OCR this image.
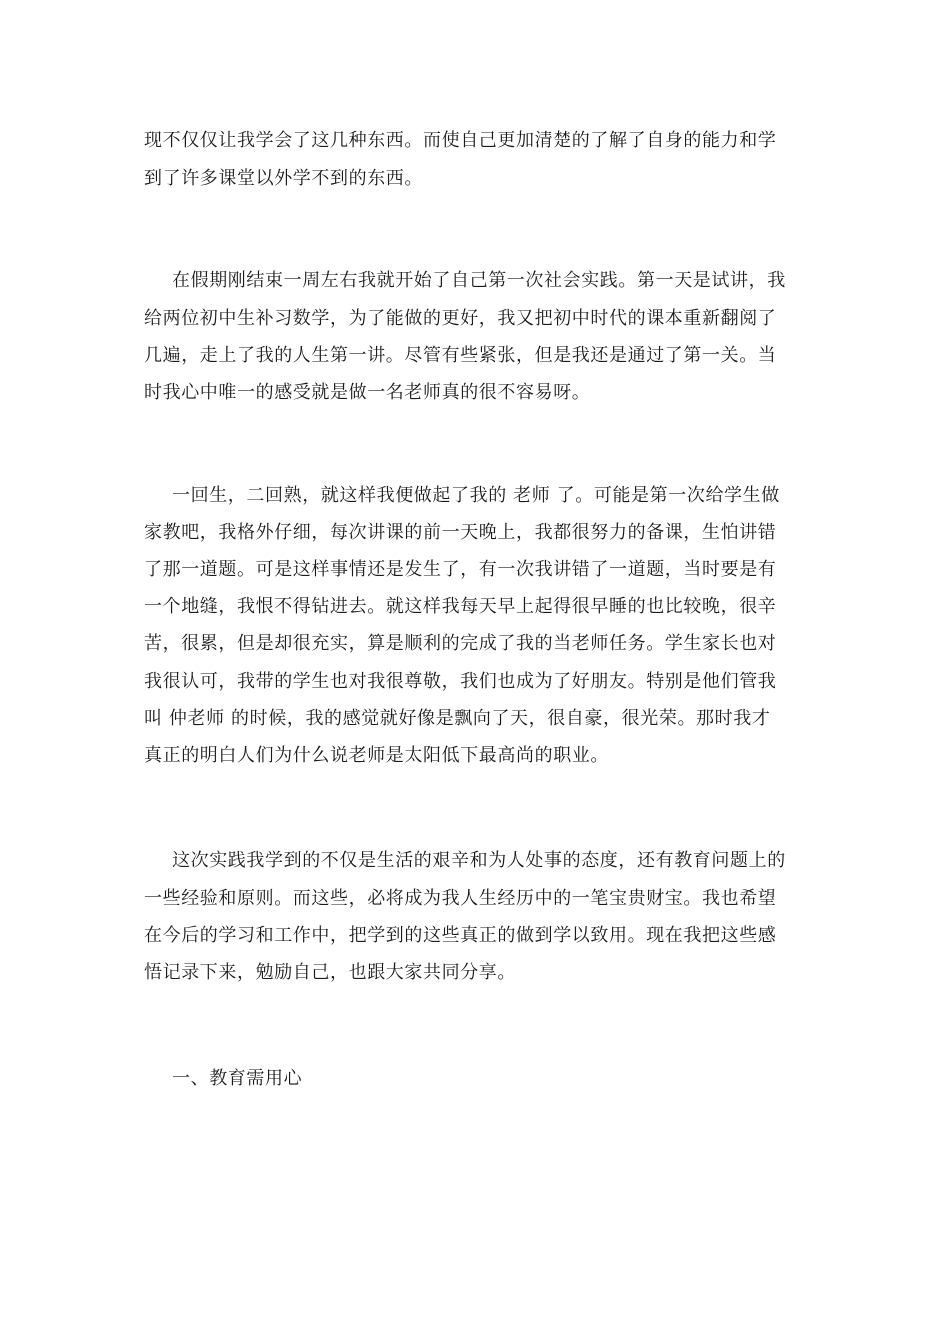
现不仅仅让我学会了这几种东西。而使自己更加清楚的了解了自身的能力和学
到了许多课堂以外学不到的东西。
在假期刚结束一周左右我就开始了自己第一次社会实践。第一天是试讲，我
给两位初中生补习数学，为了能做的更好，我又把初中时代的课本重新翻阅了
几遍，走上了我的人生第一讲。尽管有些紧张，但是我还是通过了第一关。当
时我心中唯一的感受就是做一名老师真的很不容易呀。
一回生，二回熟，就这样我便做起了我的 老师 了。可能是第一次给学生做
家教吧，我格外仔细，每次讲课的前一天晚上，我都很努力的备课，生怕讲错
了那一道题。可是这样事情还是发生了，有一次我讲错了一道题，当时要是有
一个地缝，我恨不得钻进去。就这样我每天早上起得很早睡的也比较晚，很辛
苦，很累，但是却很充实，算是顺利的完成了我的当老师任务。学生家长也对
我很认可，我带的学生也对我很尊敬，我们也成为了好朋友。特别是他们管我
叫 仲老师 的时候，我的感觉就好像是飘向了天，很自豪，很光荣。那时我才
真正的明白人们为什么说老师是太阳低下最高尚的职业。
这次实践我学到的不仅是生活的艰辛和为人处事的态度，还有教育问题上的
一些经验和原则。而这些，必将成为我人生经历中的一笔宝贵财宝。我也希望
在今后的学习和工作中，把学到的这些真正的做到学以致用。现在我把这些感
悟记录下来，勉励自己，也跟大家共同分享。
一、教育需用心
